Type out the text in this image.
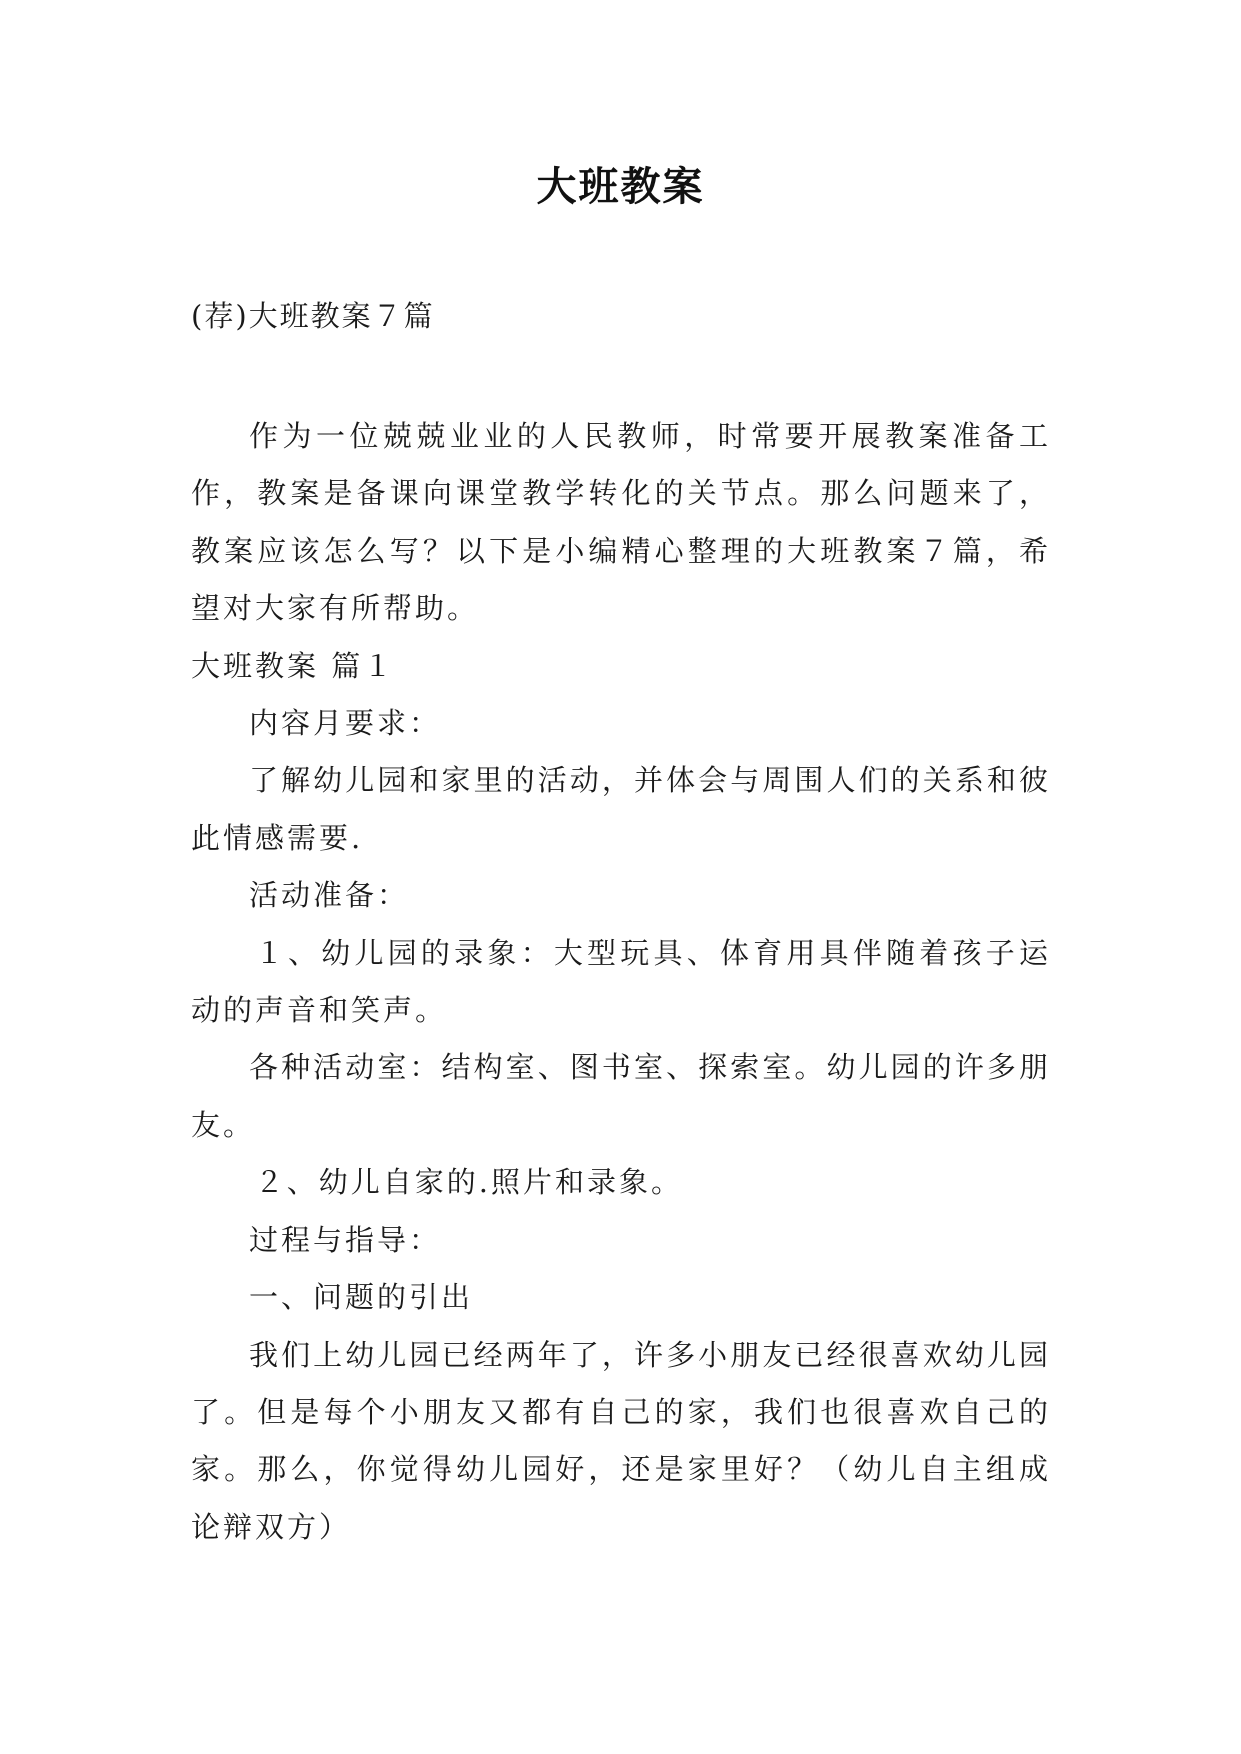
大班教案
(荐)大班教案７篇

作为一位兢兢业业的人民教师，时常要开展教案准备工作，教案是备课向课堂教学转化的关节点。那么问题来了，教案应该怎么写？以下是小编精心整理的大班教案７篇，希望对大家有所帮助。

大班教案 篇１

内容月要求：

了解幼儿园和家里的活动，并体会与周围人们的关系和彼此情感需要.

活动准备：

１、幼儿园的录象：大型玩具、体育用具伴随着孩子运动的声音和笑声。

各种活动室：结构室、图书室、探索室。幼儿园的许多朋友。

２、幼儿自家的.照片和录象。

过程与指导：

一、问题的引出

我们上幼儿园已经两年了，许多小朋友已经很喜欢幼儿园了。但是每个小朋友又都有自己的家，我们也很喜欢自己的家。那么，你觉得幼儿园好，还是家里好？（幼儿自主组成论辩双方）
